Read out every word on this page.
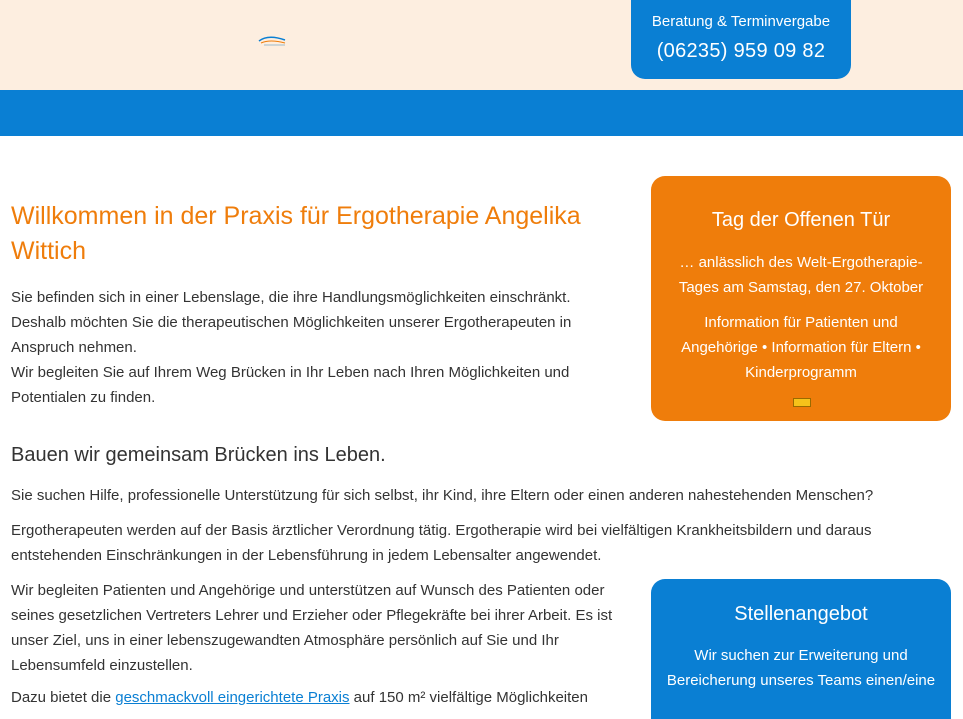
Beratung & Terminvergabe
(06235) 959 09 82
Willkommen in der Praxis für Ergotherapie Angelika Wittich

Sie befinden sich in einer Lebenslage, die ihre Handlungsmöglichkeiten einschränkt.
Deshalb möchten Sie die therapeutischen Möglichkeiten unserer Ergotherapeuten in Anspruch nehmen.
Wir begleiten Sie auf Ihrem Weg Brücken in Ihr Leben nach Ihren Möglichkeiten und Potentialen zu finden.

Bauen wir gemeinsam Brücken ins Leben.

Sie suchen Hilfe, professionelle Unterstützung für sich selbst, ihr Kind, ihre Eltern oder einen anderen nahestehenden Menschen?

Ergotherapeuten werden auf der Basis ärztlicher Verordnung tätig. Ergotherapie wird bei vielfältigen Krankheitsbildern und daraus entstehenden Einschränkungen in der Lebensführung in jedem Lebensalter angewendet.

Wir begleiten Patienten und Angehörige und unterstützen auf Wunsch des Patienten oder seines gesetzlichen Vertreters Lehrer und Erzieher oder Pflegekräfte bei ihrer Arbeit. Es ist unser Ziel, uns in einer lebenszugewandten Atmosphäre persönlich auf Sie und Ihr Lebensumfeld einzustellen.

Dazu bietet die geschmackvoll eingerichtete Praxis auf 150 m² vielfältige Möglichkeiten

Tag der Offenen Tür
… anlässlich des Welt-Ergotherapie-Tages am Samstag, den 27. Oktober
Information für Patienten und Angehörige • Information für Eltern • Kinderprogramm
Stellenangebot
Wir suchen zur Erweiterung und Bereicherung unseres Teams einen/eine
